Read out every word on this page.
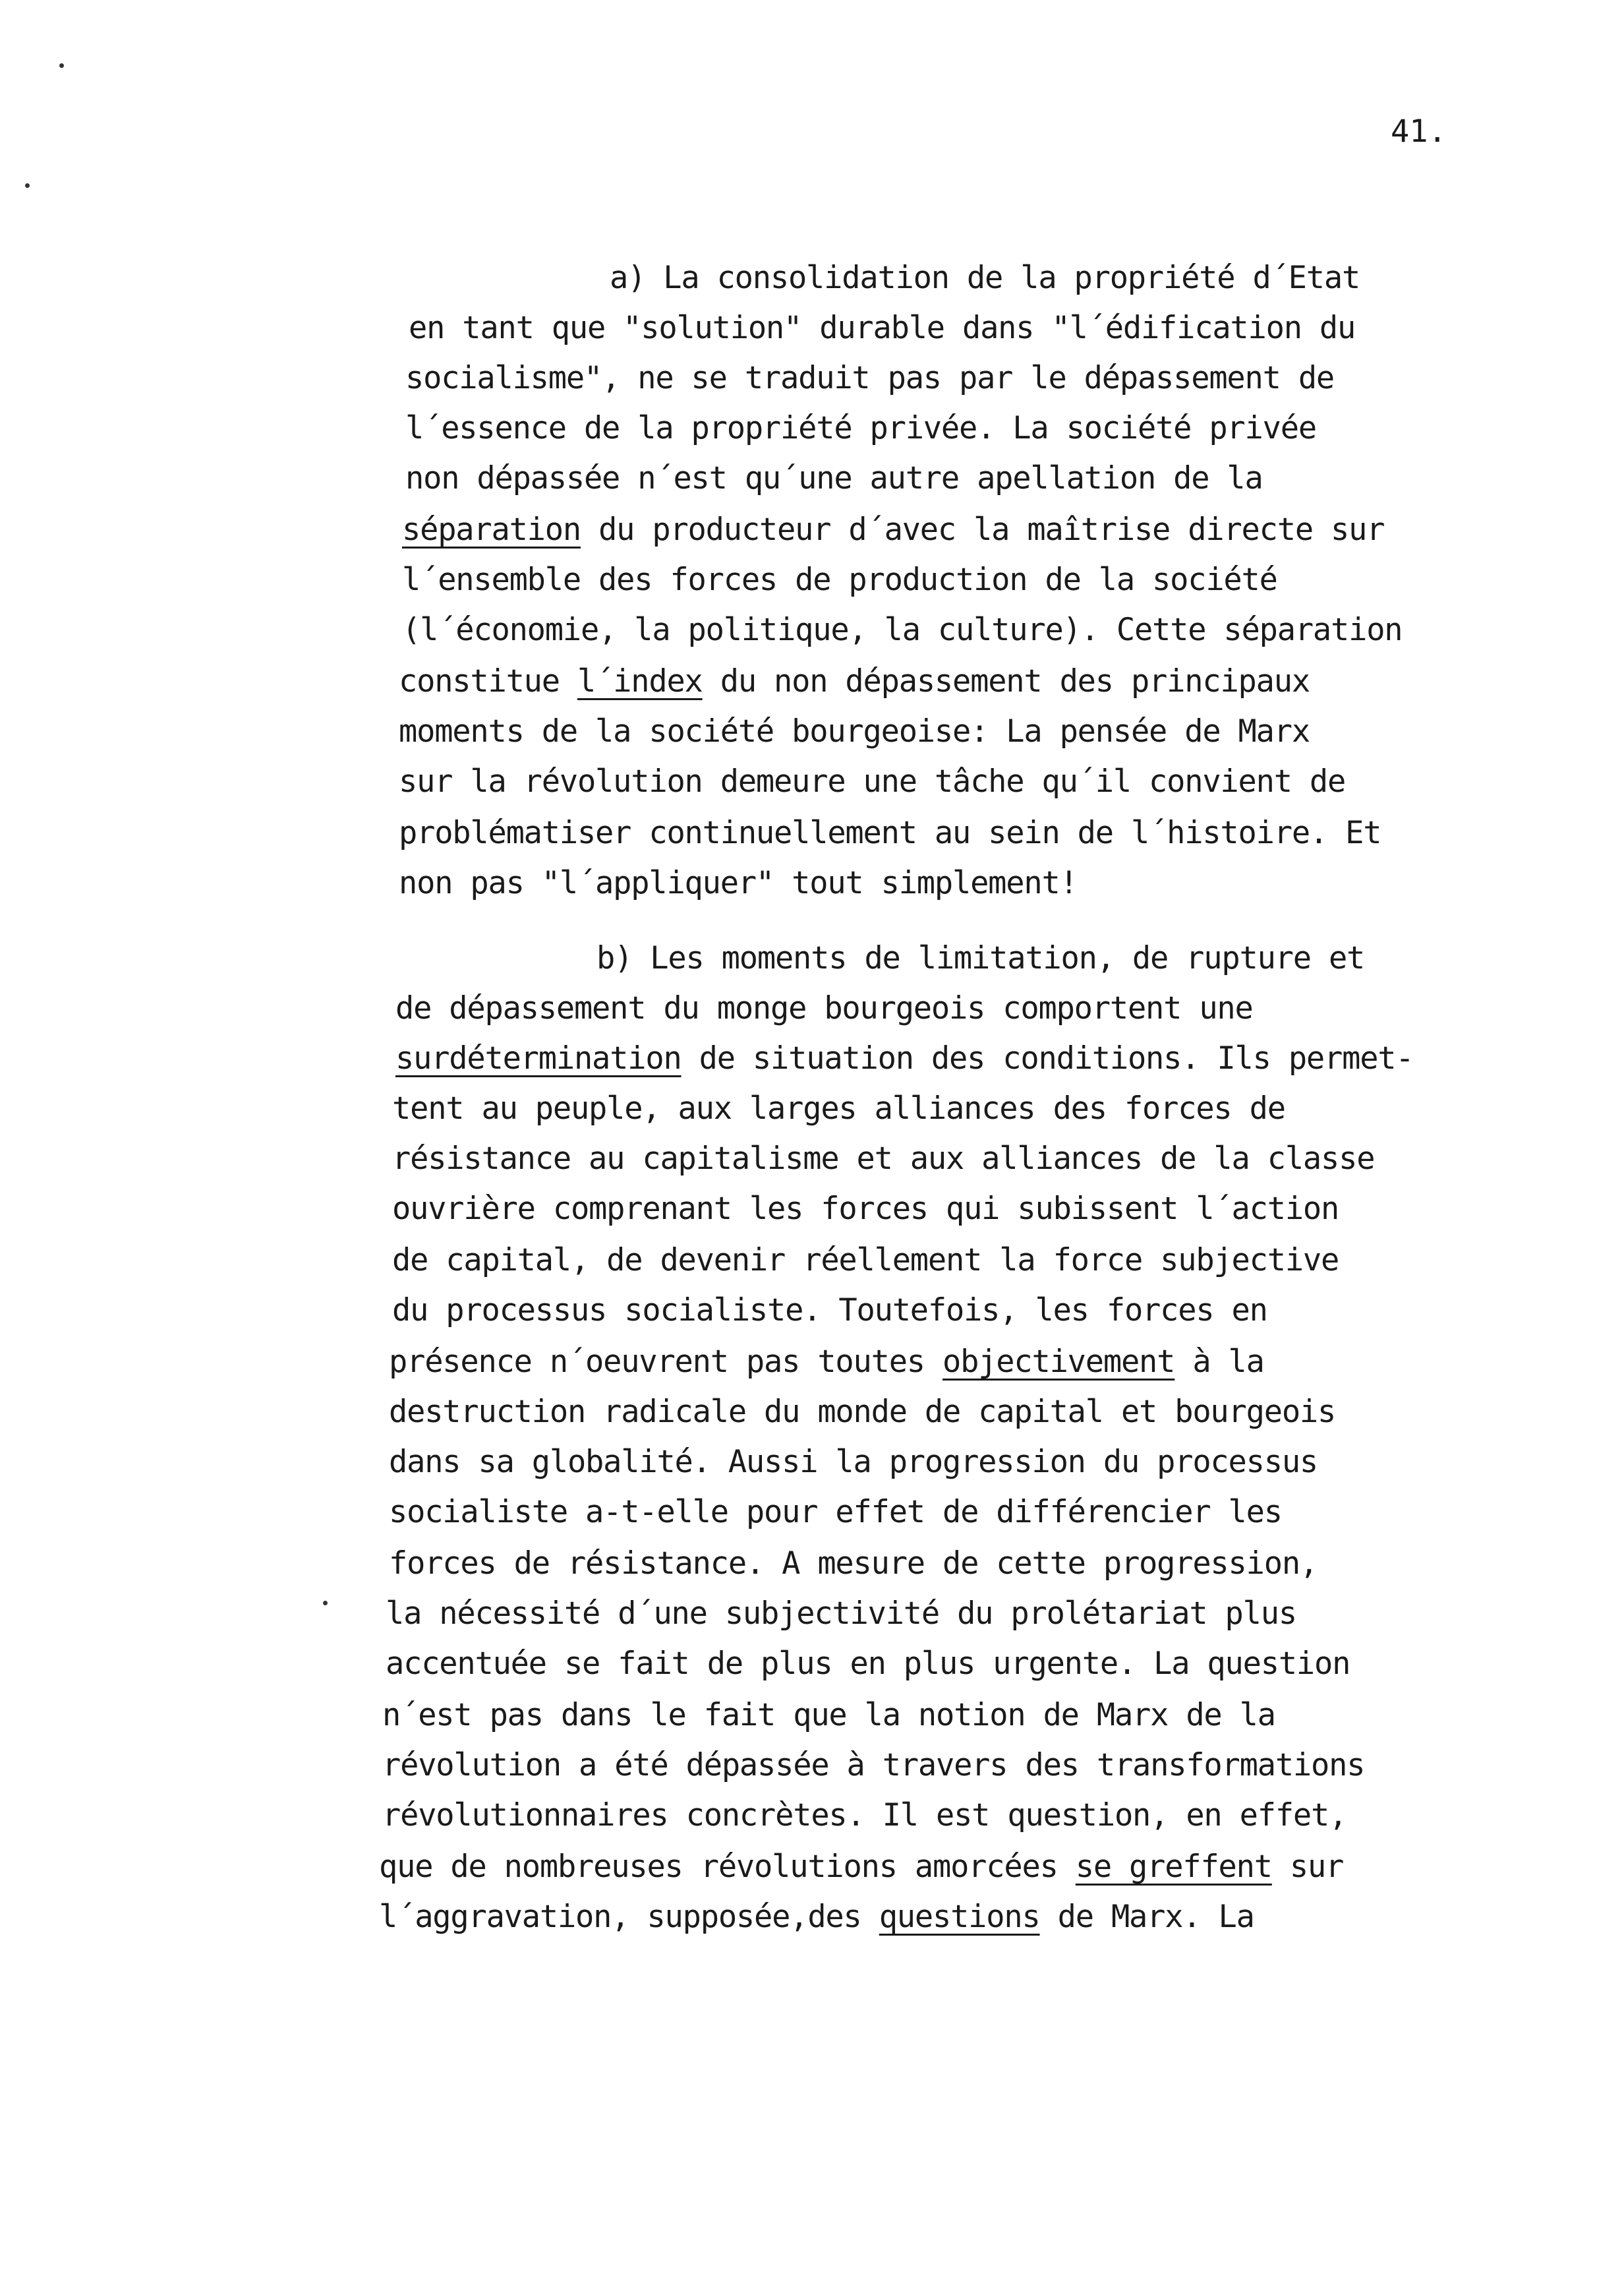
41.
a) La consolidation de la propriété d´Etat
en tant que "solution" durable dans "l´édification du
socialisme", ne se traduit pas par le dépassement de
l´essence de la propriété privée. La société privée
non dépassée n´est qu´une autre apellation de la
séparation du producteur d´avec la maîtrise directe sur
l´ensemble des forces de production de la société
(l´économie, la politique, la culture). Cette séparation
constitue l´index du non dépassement des principaux
moments de la société bourgeoise: La pensée de Marx
sur la révolution demeure une tâche qu´il convient de
problématiser continuellement au sein de l´histoire. Et
non pas "l´appliquer" tout simplement!
b) Les moments de limitation, de rupture et
de dépassement du monge bourgeois comportent une
surdétermination de situation des conditions. Ils permet-
tent au peuple, aux larges alliances des forces de
résistance au capitalisme et aux alliances de la classe
ouvrière comprenant les forces qui subissent l´action
de capital, de devenir réellement la force subjective
du processus socialiste. Toutefois, les forces en
présence n´oeuvrent pas toutes objectivement à la
destruction radicale du monde de capital et bourgeois
dans sa globalité. Aussi la progression du processus
socialiste a-t-elle pour effet de différencier les
forces de résistance. A mesure de cette progression,
la nécessité d´une subjectivité du prolétariat plus
accentuée se fait de plus en plus urgente. La question
n´est pas dans le fait que la notion de Marx de la
révolution a été dépassée à travers des transformations
révolutionnaires concrètes. Il est question, en effet,
que de nombreuses révolutions amorcées se greffent sur
l´aggravation, supposée,des questions de Marx. La
